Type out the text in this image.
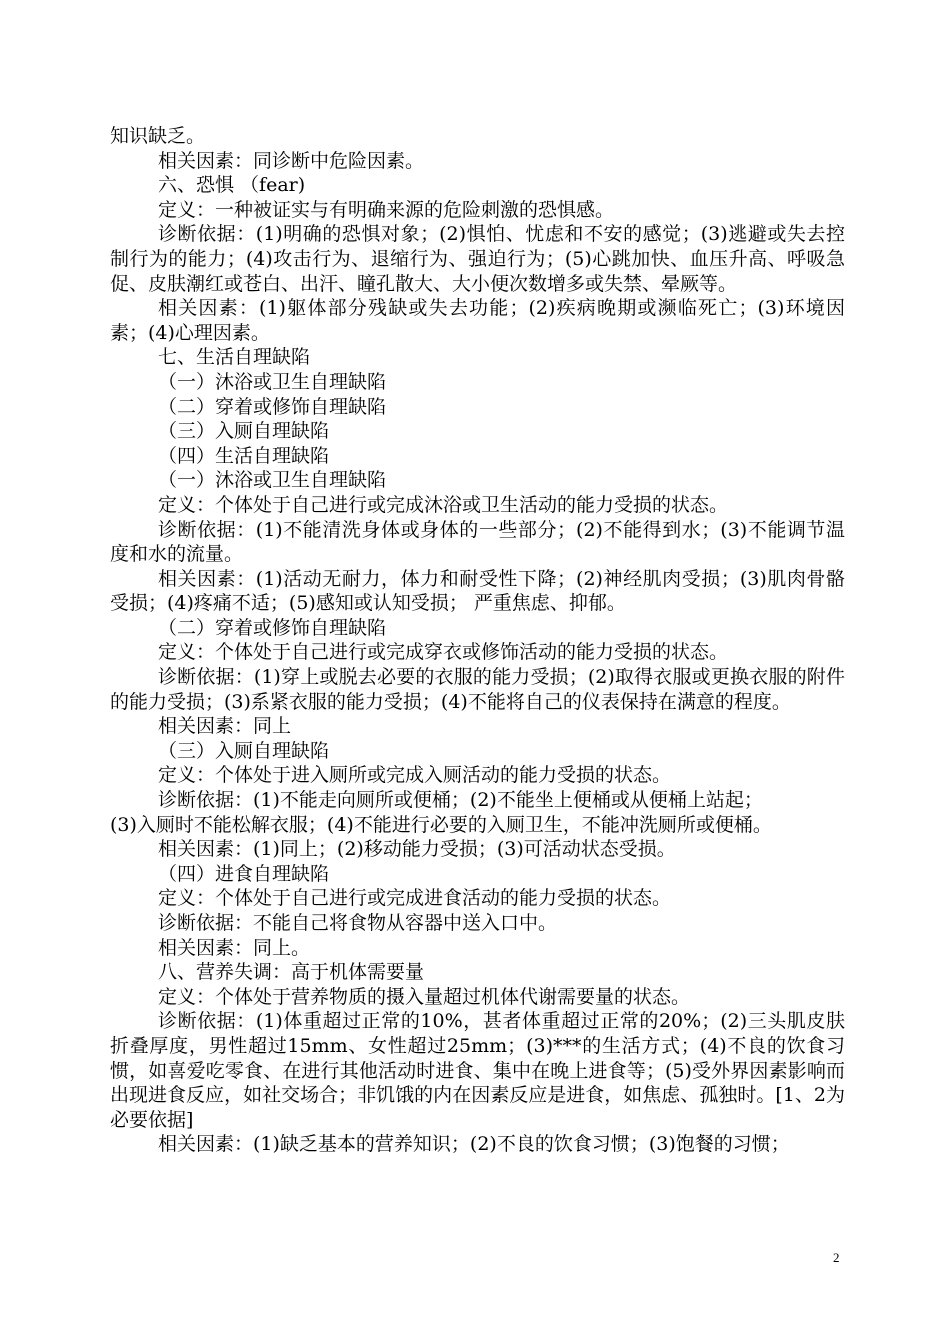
知识缺乏。

相关因素：同诊断中危险因素。

六、恐惧 （fear)

定义：一种被证实与有明确来源的危险刺激的恐惧感。

诊断依据：(1)明确的恐惧对象；(2)惧怕、忧虑和不安的感觉；(3)逃避或失去控制行为的能力；(4)攻击行为、退缩行为、强迫行为；(5)心跳加快、血压升高、呼吸急促、皮肤潮红或苍白、出汗、瞳孔散大、大小便次数增多或失禁、晕厥等。

相关因素：(1)躯体部分残缺或失去功能；(2)疾病晚期或濒临死亡；(3)环境因素；(4)心理因素。

七、生活自理缺陷

（一）沐浴或卫生自理缺陷

（二）穿着或修饰自理缺陷

（三）入厕自理缺陷

（四）生活自理缺陷

（一）沐浴或卫生自理缺陷

定义：个体处于自己进行或完成沐浴或卫生活动的能力受损的状态。

诊断依据：(1)不能清洗身体或身体的一些部分；(2)不能得到水；(3)不能调节温度和水的流量。

相关因素：(1)活动无耐力，体力和耐受性下降；(2)神经肌肉受损；(3)肌肉骨骼受损；(4)疼痛不适；(5)感知或认知受损； 严重焦虑、抑郁。

（二）穿着或修饰自理缺陷

定义：个体处于自己进行或完成穿衣或修饰活动的能力受损的状态。

诊断依据：(1)穿上或脱去必要的衣服的能力受损；(2)取得衣服或更换衣服的附件的能力受损；(3)系紧衣服的能力受损；(4)不能将自己的仪表保持在满意的程度。

相关因素：同上

（三）入厕自理缺陷

定义：个体处于进入厕所或完成入厕活动的能力受损的状态。

诊断依据：(1)不能走向厕所或便桶；(2)不能坐上便桶或从便桶上站起；

(3)入厕时不能松解衣服；(4)不能进行必要的入厕卫生，不能冲洗厕所或便桶。

相关因素：(1)同上；(2)移动能力受损；(3)可活动状态受损。

（四）进食自理缺陷

定义：个体处于自己进行或完成进食活动的能力受损的状态。

诊断依据：不能自己将食物从容器中送入口中。

相关因素：同上。

八、营养失调：高于机体需要量

定义：个体处于营养物质的摄入量超过机体代谢需要量的状态。

诊断依据：(1)体重超过正常的10%，甚者体重超过正常的20%；(2)三头肌皮肤折叠厚度，男性超过15mm、女性超过25mm；(3)***的生活方式；(4)不良的饮食习惯，如喜爱吃零食、在进行其他活动时进食、集中在晚上进食等；(5)受外界因素影响而出现进食反应，如社交场合；非饥饿的内在因素反应是进食，如焦虑、孤独时。[1、2为必要依据]

相关因素：(1)缺乏基本的营养知识；(2)不良的饮食习惯；(3)饱餐的习惯；

2
